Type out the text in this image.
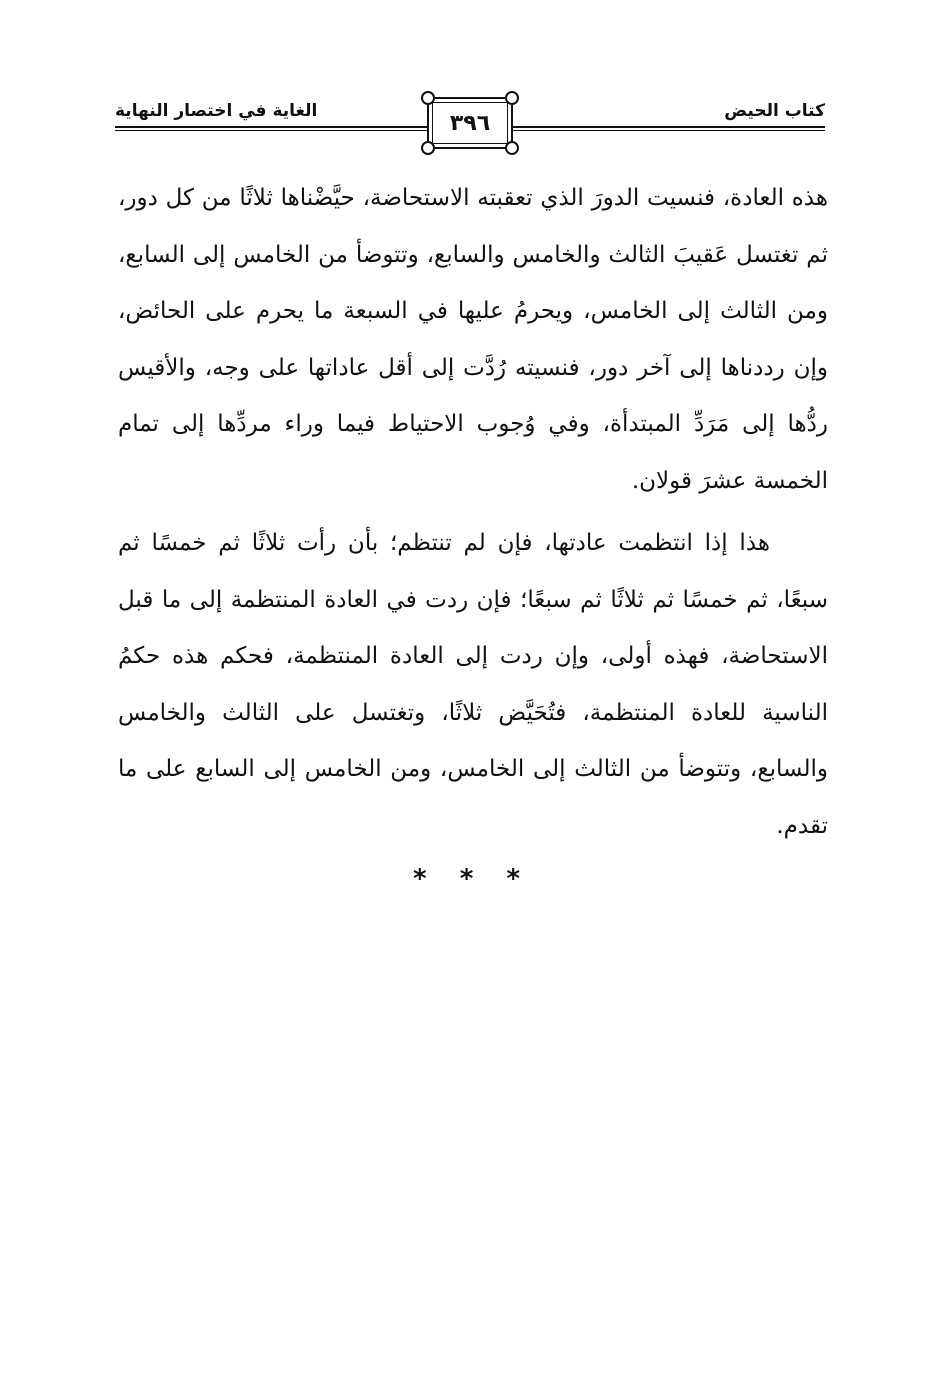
كتاب الحيض
الغاية في اختصار النهاية	٣٩٦

هذه العادة، فنسيت الدورَ الذي تعقبته الاستحاضة، حيَّضْناها ثلاثًا من كل دور، ثم تغتسل عَقيبَ الثالث والخامس والسابع، وتتوضأ من الخامس إلى السابع، ومن الثالث إلى الخامس، ويحرمُ عليها في السبعة ما يحرم على الحائض، وإن رددناها إلى آخر دور، فنسيته رُدَّت إلى أقل عاداتها على وجه، والأقيس ردُّها إلى مَرَدِّ المبتدأة، وفي وُجوب الاحتياط فيما وراء مردِّها إلى تمام الخمسة عشرَ قولان.

هذا إذا انتظمت عادتها، فإن لم تنتظم؛ بأن رأت ثلاثًا ثم خمسًا ثم سبعًا، ثم خمسًا ثم ثلاثًا ثم سبعًا؛ فإن ردت في العادة المنتظمة إلى ما قبل الاستحاضة، فهذه أولى، وإن ردت إلى العادة المنتظمة، فحكم هذه حكمُ الناسية للعادة المنتظمة، فتُحَيَّض ثلاثًا، وتغتسل على الثالث والخامس والسابع، وتتوضأ من الثالث إلى الخامس، ومن الخامس إلى السابع على ما تقدم.

* * *
